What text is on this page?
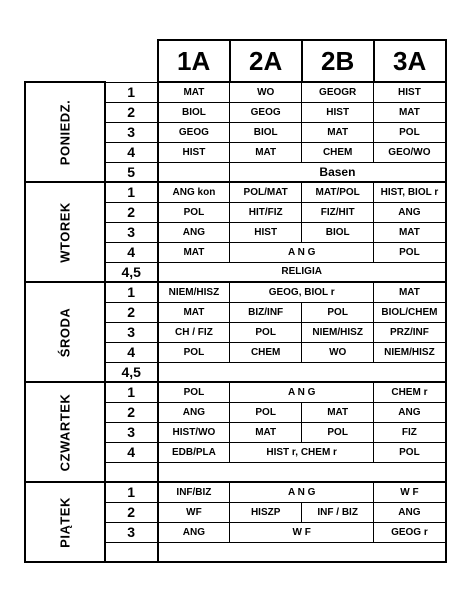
		1A	2A	2B	3A

PONIEDZ.	1	MAT	WO	GEOGR	HIST
	2	BIOL	GEOG	HIST	MAT
	3	GEOG	BIOL	MAT	POL
	4	HIST	MAT	CHEM	GEO/WO
	5		Basen		

WTOREK	1	ANG kon	POL/MAT	MAT/POL	HIST, BIOL r
	2	POL	HIT/FIZ	FIZ/HIT	ANG
	3	ANG	HIST	BIOL	MAT
	4	MAT	A N G		POL
	4,5	RELIGIA			

ŚRODA	1	NIEM/HISZ	GEOG, BIOL r		MAT
	2	MAT	BIZ/INF	POL	BIOL/CHEM
	3	CH / FIZ	POL	NIEM/HISZ	PRZ/INF
	4	POL	CHEM	WO	NIEM/HISZ
	4,5				

CZWARTEK	1	POL	A N G		CHEM r
	2	ANG	POL	MAT	ANG
	3	HIST/WO	MAT	POL	FIZ
	4	EDB/PLA	HIST r, CHEM r		POL

PIĄTEK	1	INF/BIZ	A N G		W F
	2	WF	HISZP	INF / BIZ	ANG
	3	ANG	W F		GEOG r
